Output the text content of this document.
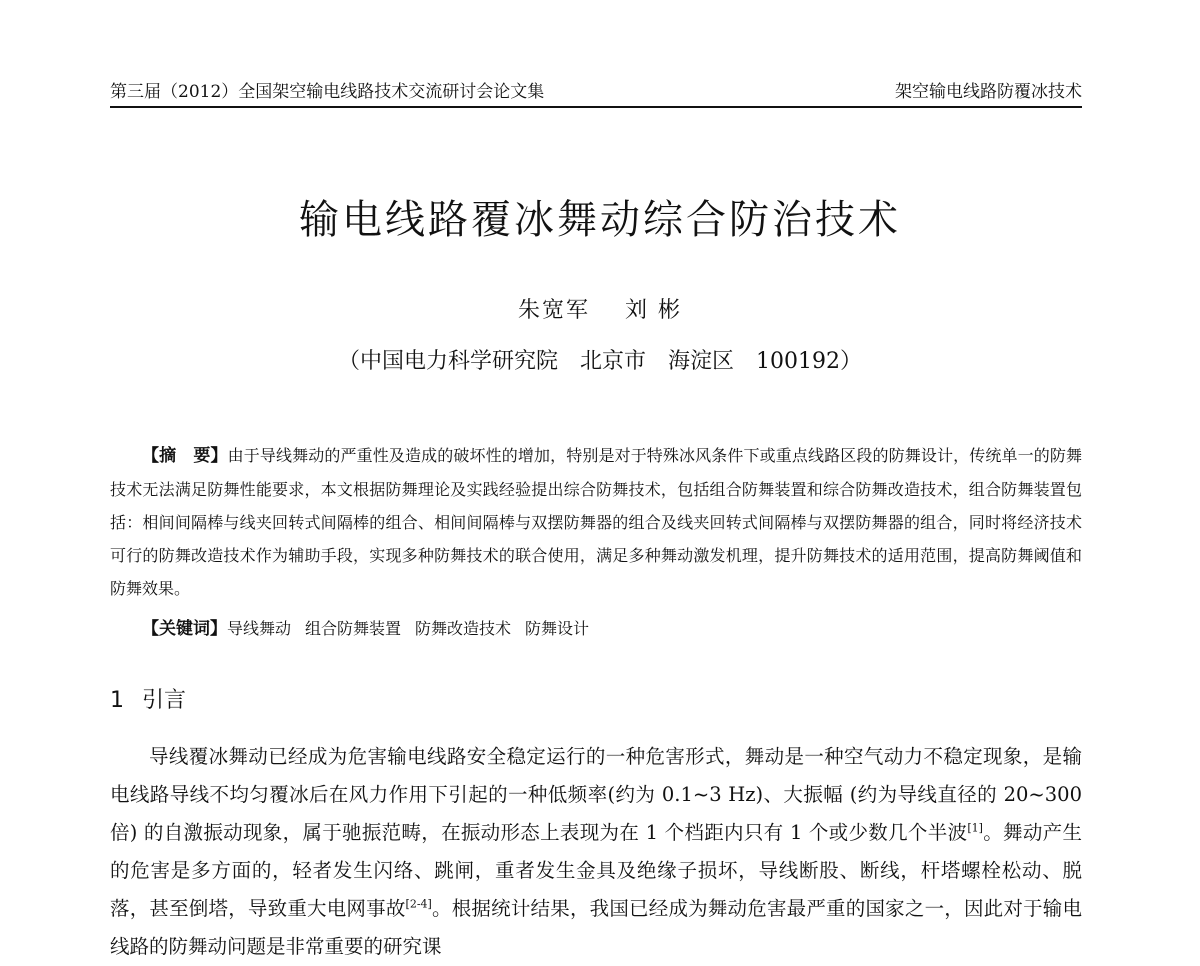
第三届（2012）全国架空输电线路技术交流研讨会论文集	架空输电线路防覆冰技术
输电线路覆冰舞动综合防治技术
朱宽军 刘 彬
（中国电力科学研究院　北京市　海淀区　100192）

【摘　要】由于导线舞动的严重性及造成的破坏性的增加，特别是对于特殊冰风条件下或重点线路区段的防舞设计，传统单一的防舞技术无法满足防舞性能要求，本文根据防舞理论及实践经验提出综合防舞技术，包括组合防舞装置和综合防舞改造技术，组合防舞装置包括：相间间隔棒与线夹回转式间隔棒的组合、相间间隔棒与双摆防舞器的组合及线夹回转式间隔棒与双摆防舞器的组合，同时将经济技术可行的防舞改造技术作为辅助手段，实现多种防舞技术的联合使用，满足多种舞动激发机理，提升防舞技术的适用范围，提高防舞阈值和防舞效果。

【关键词】导线舞动 组合防舞装置 防舞改造技术 防舞设计

1 引言

导线覆冰舞动已经成为危害输电线路安全稳定运行的一种危害形式，舞动是一种空气动力不稳定现象，是输电线路导线不均匀覆冰后在风力作用下引起的一种低频率(约为 0.1~3 Hz)、大振幅 (约为导线直径的 20~300 倍) 的自激振动现象，属于驰振范畴，在振动形态上表现为在 1 个档距内只有 1 个或少数几个半波[1]。舞动产生的危害是多方面的，轻者发生闪络、跳闸，重者发生金具及绝缘子损坏，导线断股、断线，杆塔螺栓松动、脱落，甚至倒塔，导致重大电网事故[2-4]。根据统计结果，我国已经成为舞动危害最严重的国家之一，因此对于输电线路的防舞动问题是非常重要的研究课
